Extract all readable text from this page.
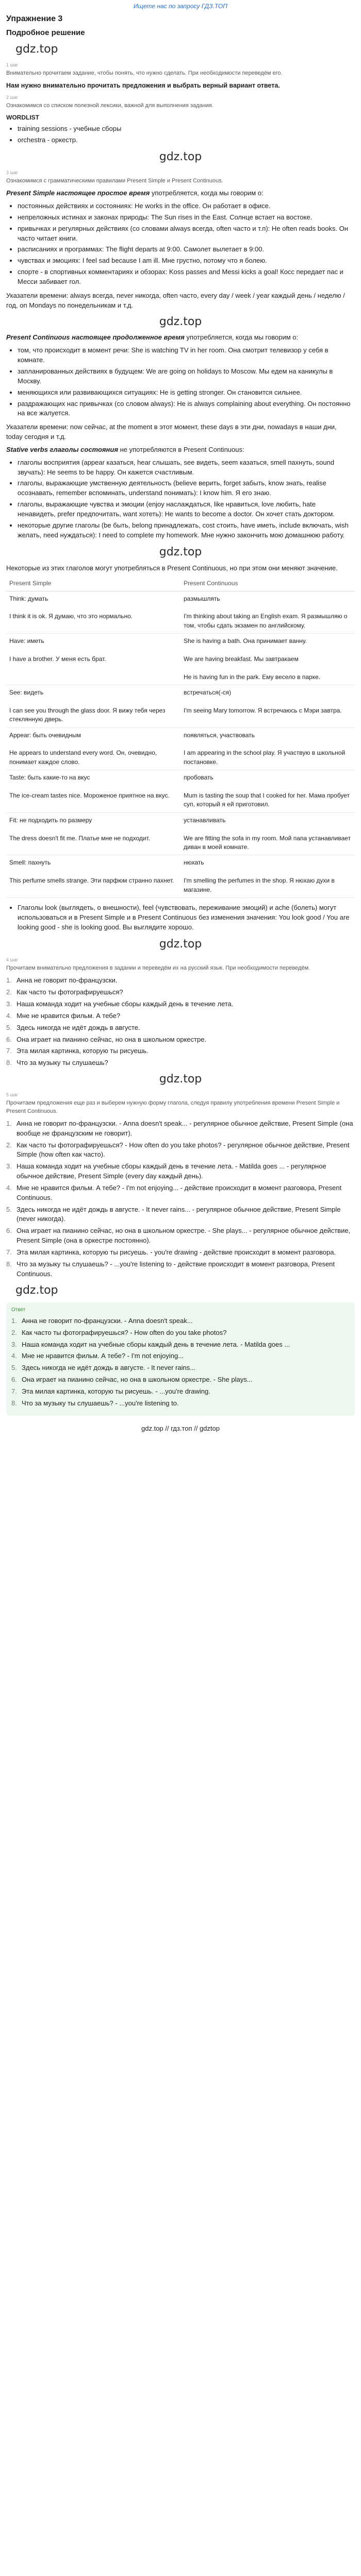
Ищете нас по запросу ГДЗ.ТОП
Упражнение 3
Подробное решение
gdz.top
1 шаг
Внимательно прочитаем задание, чтобы понять, что нужно сделать. При необходимости переведём его.
Нам нужно внимательно прочитать предложения и выбрать верный вариант ответа.
2 шаг
Ознакомимся со списком полезной лексики, важной для выполнения задания.
WORDLIST
• training sessions - учебные сборы
• orchestra - оркестр.
gdz.top
3 шаг
Ознакомимся с грамматическими правилами Present Simple и Present Continuous.
Present Simple настоящее простое время употребляется, когда мы говорим о:
• постоянных действиях и состояниях: He works in the office. Он работает в офисе.
• непреложных истинах и законах природы: The Sun rises in the East. Солнце встает на востоке.
• привычках и регулярных действиях (со словами always всегда, often часто и т.п): He often reads books. Он часто читает книги.
• расписаниях и программах: The flight departs at 9:00. Самолет вылетает в 9:00.
• чувствах и эмоциях: I feel sad because I am ill. Мне грустно, потому что я болею.
• спорте - в спортивных комментариях и обзорах: Koss passes and Messi kicks a goal! Косс передает пас и Месси забивает гол.
Указатели времени: always всегда, never никогда, often часто, every day / week / year каждый день / неделю / год, on Mondays по понедельникам и т.д.
gdz.top
Present Continuous настоящее продолженное время употребляется, когда мы говорим о:
• том, что происходит в момент речи: She is watching TV in her room. Она смотрит телевизор у себя в комнате.
• запланированных действиях в будущем: We are going on holidays to Moscow. Мы едем на каникулы в Москву.
• меняющихся или развивающихся ситуациях: He is getting stronger. Он становится сильнее.
• раздражающих нас привычках (со словом always): He is always complaining about everything. Он постоянно на все жалуется.
Указатели времени: now сейчас, at the moment в этот момент, these days в эти дни, nowadays в наши дни, today сегодня и т.д.
Stative verbs глаголы состояния не употребляются в Present Continuous:
• глаголы восприятия (appear казаться, hear слышать, see видеть, seem казаться, smell пахнуть, sound звучать): He seems to be happy. Он кажется счастливым.
• глаголы, выражающие умственную деятельность (believe верить, forget забыть, know знать, realise осознавать, remember вспоминать, understand понимать): I know him. Я его знаю.
• глаголы, выражающие чувства и эмоции (enjoy наслаждаться, like нравиться, love любить, hate ненавидеть, prefer предпочитать, want хотеть): He wants to become a doctor. Он хочет стать доктором.
• некоторые другие глаголы (be быть, belong принадлежать, cost стоить, have иметь, include включать, wish желать, need нуждаться): I need to complete my homework. Мне нужно закончить мою домашнюю работу.
gdz.top
Некоторые из этих глаголов могут употребляться в Present Continuous, но при этом они меняют значение.
Present Simple	Present Continuous
Think: думать

I think it is ok. Я думаю, что это нормально.	размышлять

I'm thinking about taking an English exam. Я размышляю о том, чтобы сдать экзамен по английскому.
Have: иметь

I have a brother. У меня есть брат.	She is having a bath. Она принимает ванну.

We are having breakfast. Мы завтракаем

He is having fun in the park. Ему весело в парке.
See: видеть

I can see you through the glass door. Я вижу тебя через стеклянную дверь.	встречаться(-ся)

I'm seeing Mary tomorrow. Я встречаюсь с Мэри завтра.
Appear: быть очевидным

He appears to understand every word. Он, очевидно, понимает каждое слово.	появляться, участвовать

I am appearing in the school play. Я участвую в школьной постановке.
Taste: быть какие-то на вкус

The ice-cream tastes nice. Мороженое приятное на вкус.	пробовать

Mum is tasting the soup that I cooked for her. Мама пробует суп, который я ей приготовил.
Fit: не подходить по размеру

The dress doesn't fit me. Платье мне не подходит.	устанавливать

We are fitting the sofa in my room. Мой папа устанавливает диван в моей комнате.
Smell: пахнуть

This perfume smells strange. Эти парфюм странно пахнет.	нюхать

I'm smelling the perfumes in the shop. Я нюхаю духи в магазине.
• Глаголы look (выглядеть, о внешности), feel (чувствовать, переживание эмоций) и ache (болеть) могут использоваться и в Present Simple и в Present Continuous без изменения значения: You look good / You are looking good - she is looking good. Вы выглядите хорошо.
gdz.top
4 шаг
Прочитаем внимательно предложения в задании и переведём их на русский язык. При необходимости переведём.
1. Анна не говорит по-французски.
2. Как часто ты фотографируешься?
3. Наша команда ходит на учебные сборы каждый день в течение лета.
4. Мне не нравится фильм. А тебе?
5. Здесь никогда не идёт дождь в августе.
6. Она играет на пианино сейчас, но она в школьном оркестре.
7. Эта милая картинка, которую ты рисуешь.
8. Что за музыку ты слушаешь?
gdz.top
5 шаг
Прочитаем предложения еще раз и выберем нужную форму глагола, следуя правилу употребления времени Present Simple и Present Continuous.
1. Анна не говорит по-французски. - Anna doesn't speak... - регулярное обычное действие, Present Simple (она вообще не французским не говорит).
2. Как часто ты фотографируешься? - How often do you take photos? - регулярное обычное действие, Present Simple (how often как часто).
3. Наша команда ходит на учебные сборы каждый день в течение лета. - Matilda goes ... - регулярное обычное действие, Present Simple (every day каждый день).
4. Мне не нравится фильм. А тебе? - I'm not enjoying... - действие происходит в момент разговора, Present Continuous.
5. Здесь никогда не идёт дождь в августе. - It never rains... - регулярное обычное действие, Present Simple (never никогда).
6. Она играет на пианино сейчас, но она в школьном оркестре. - She plays... - регулярное обычное действие, Present Simple (она в оркестре постоянно).
7. Эта милая картинка, которую ты рисуешь. - you're drawing - действие происходит в момент разговора.
8. Что за музыку ты слушаешь? - ...you're listening to - действие происходит в момент разговора, Present Continuous.
gdz.top
Ответ
1. Анна не говорит по-французски. - Anna doesn't speak...
2. Как часто ты фотографируешься? - How often do you take photos?
3. Наша команда ходит на учебные сборы каждый день в течение лета. - Matilda goes ...
4. Мне не нравится фильм. А тебе? - I'm not enjoying...
5. Здесь никогда не идёт дождь в августе. - It never rains...
6. Она играет на пианино сейчас, но она в школьном оркестре. - She plays...
7. Эта милая картинка, которую ты рисуешь. - ...you're drawing.
8. Что за музыку ты слушаешь? - ...you're listening to.
gdz.top // гдз.топ // gdztop
